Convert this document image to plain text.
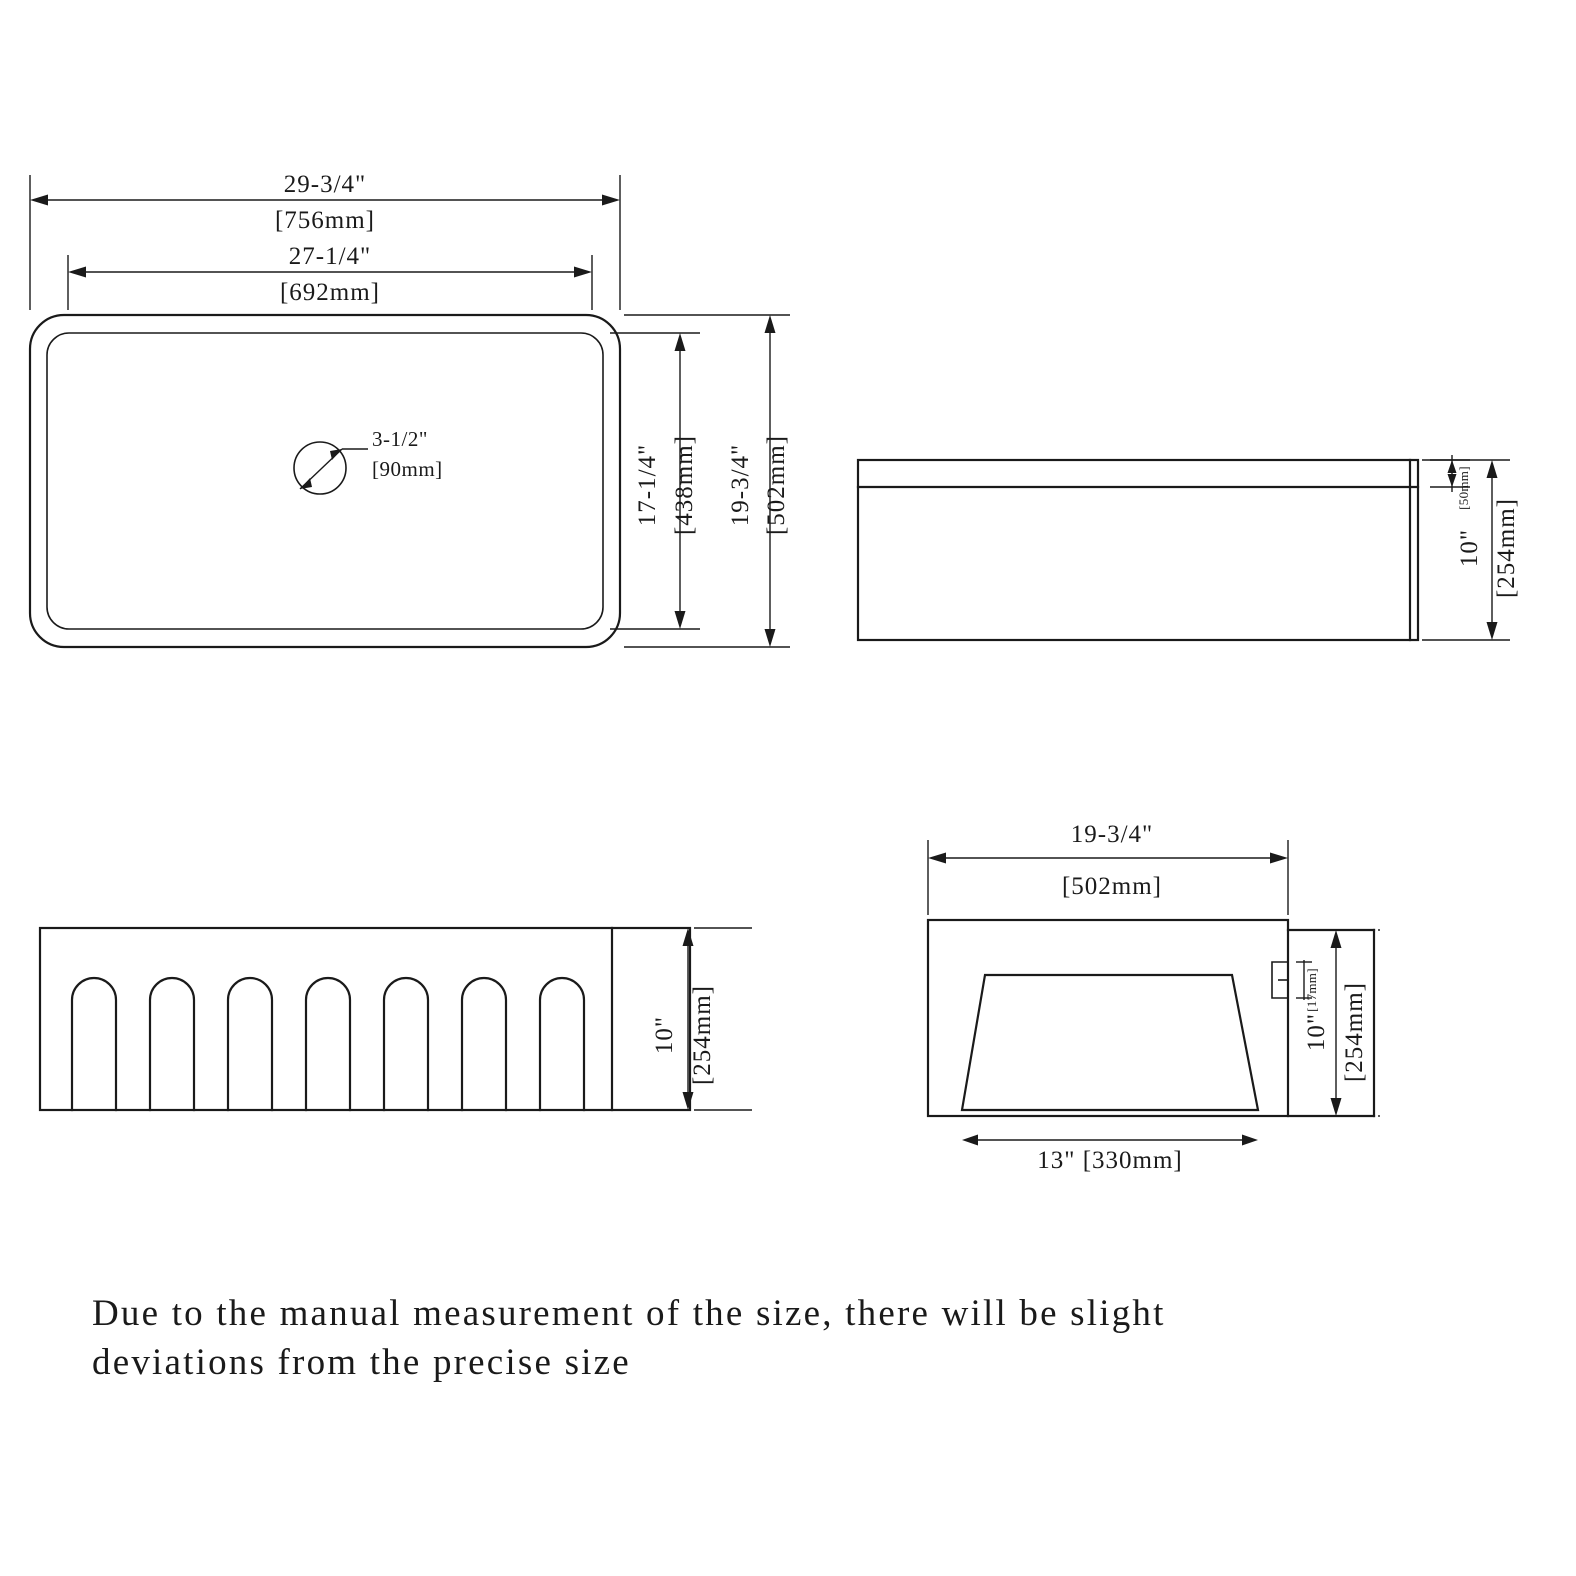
29-3/4"
[756mm]
27-1/4"
[692mm]
3-1/2"
[90mm]	17-1/4" [438mm] 19-3/4" [502mm]	[50mm]
10" [254mm]
10" [254mm]
19-3/4"
[502mm]
13" [330mm]
[17mm]
10" [254mm]
Due to the manual measurement of the size, there will be slight
deviations from the precise size
